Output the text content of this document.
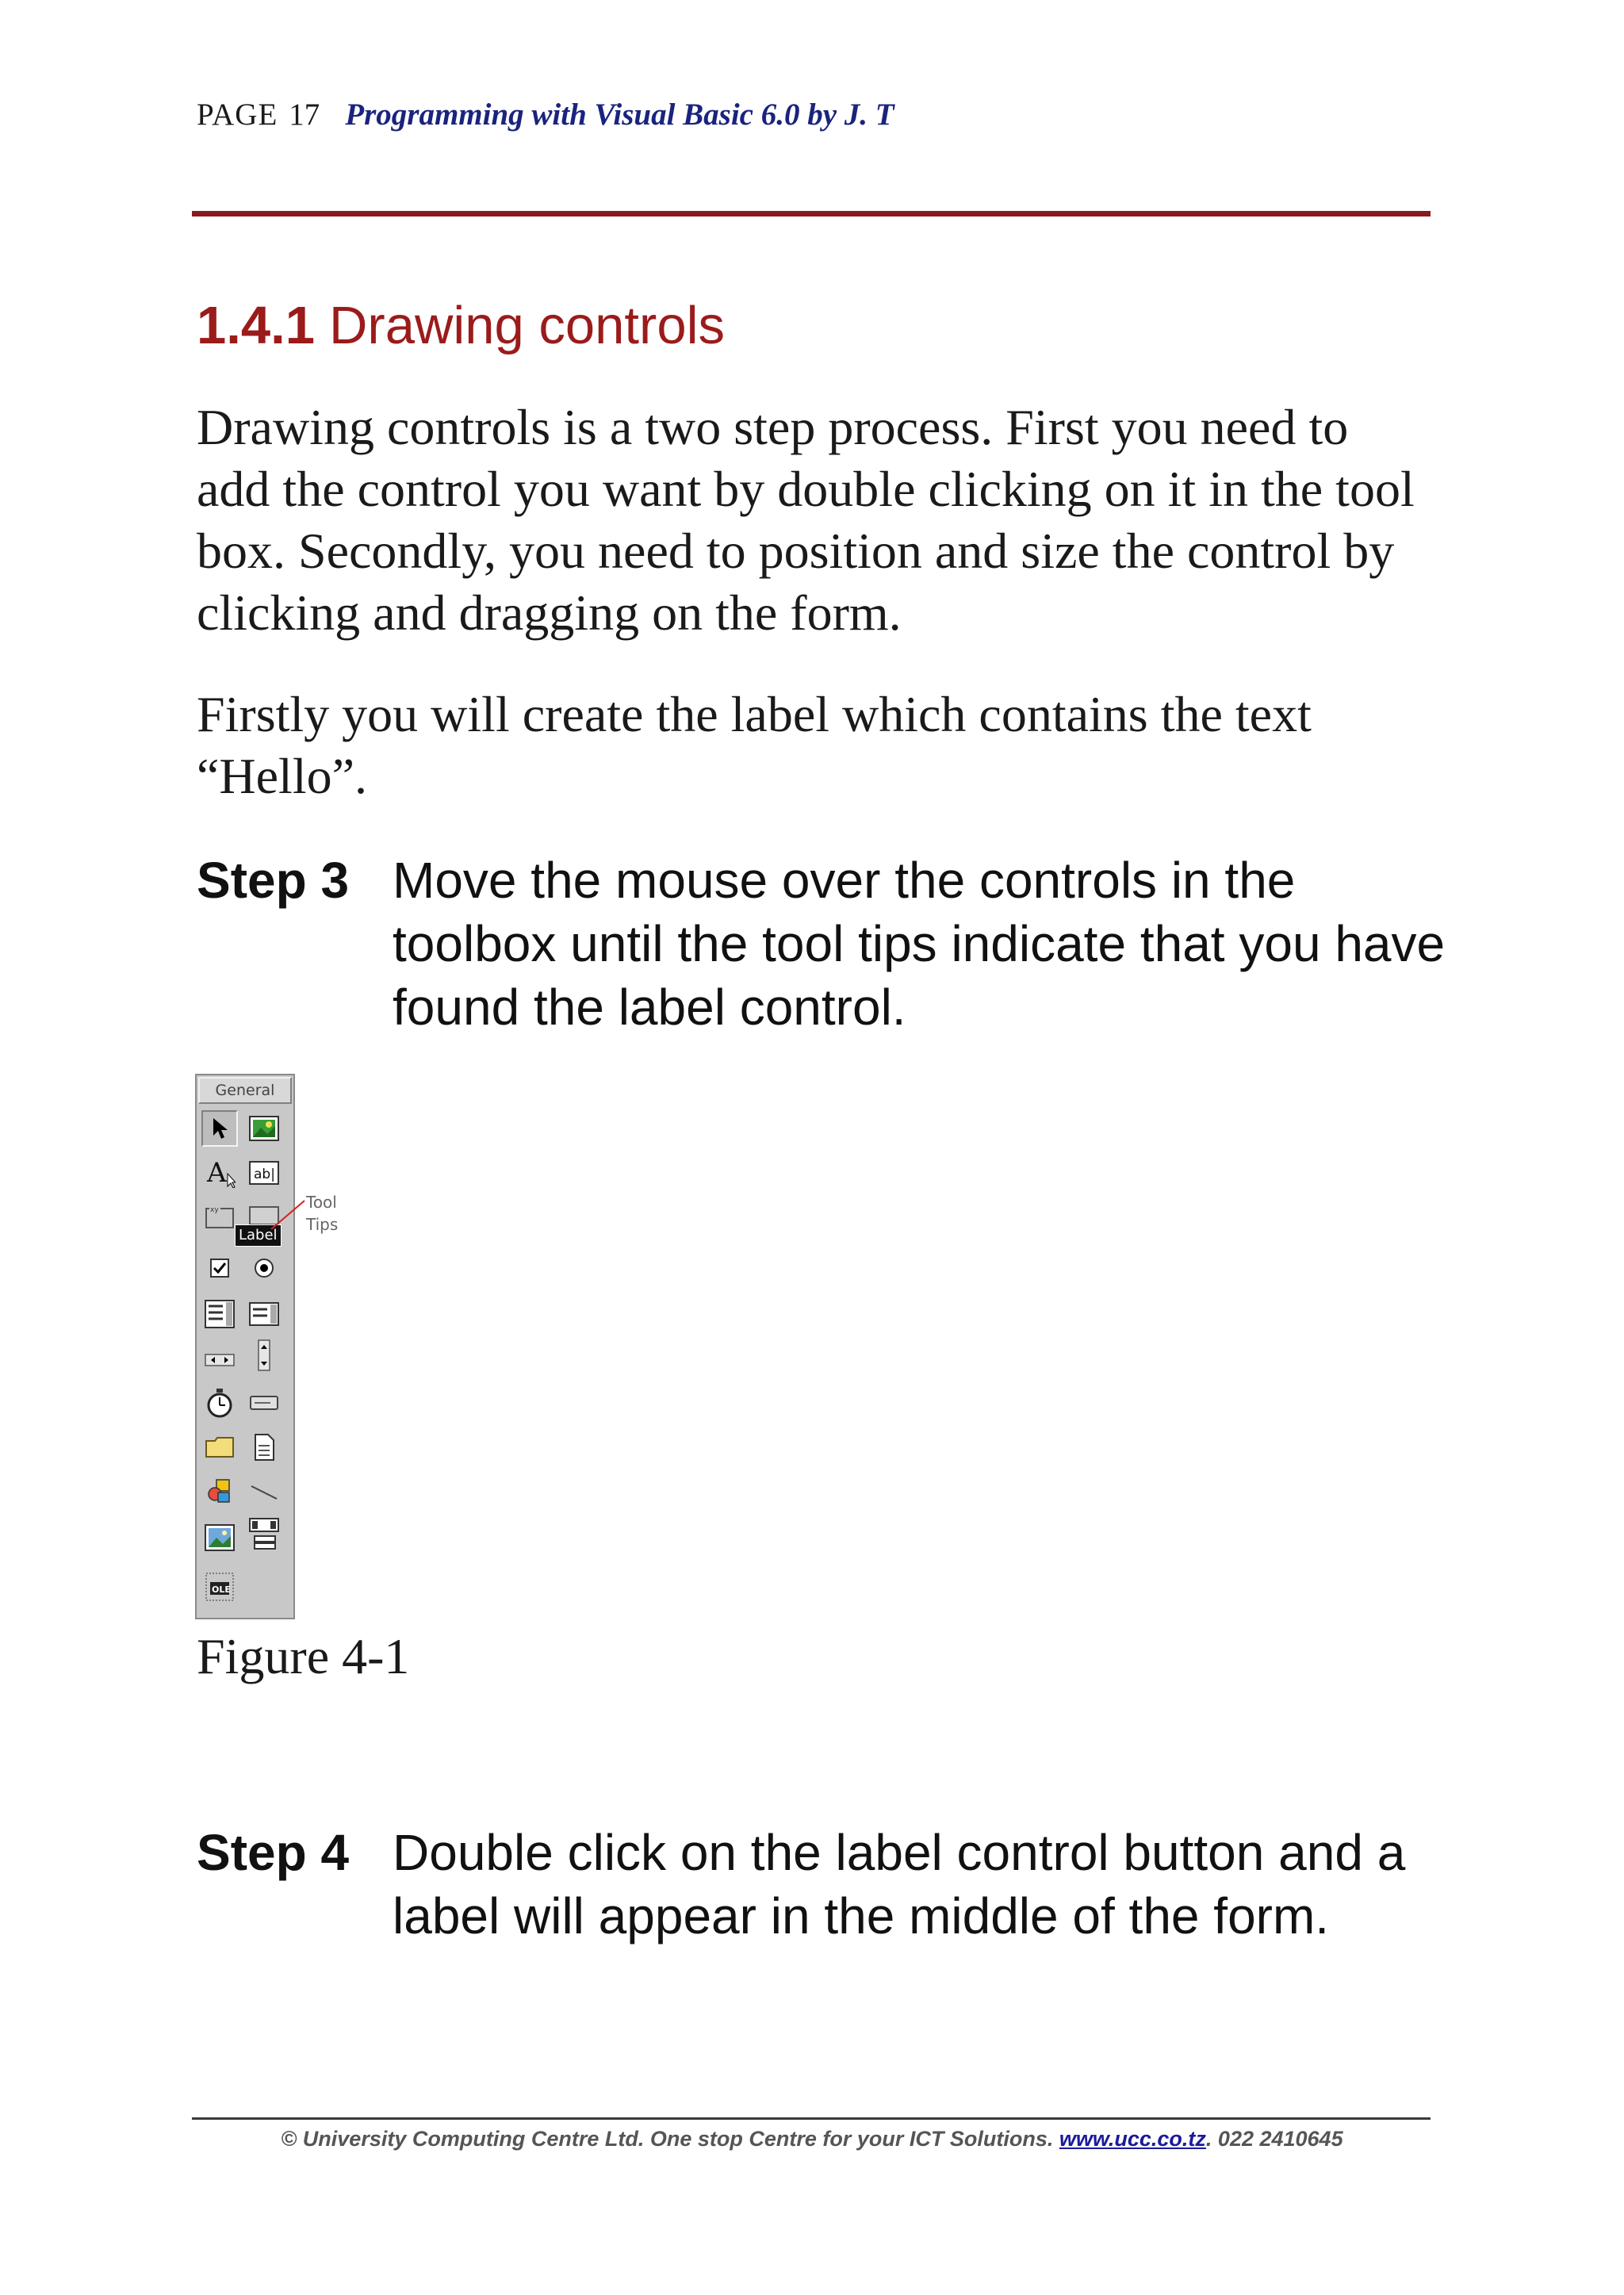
PAGE 17 Programming with Visual Basic 6.0 by J. T
1.4.1 Drawing controls

Drawing controls is a two step process. First you need to add the control you want by double clicking on it in the tool box. Secondly, you need to position and size the control by clicking and dragging on the form.

Firstly you will create the label which contains the text “Hello”.

Step 3 Move the mouse over the controls in the toolbox until the tool tips indicate that you have found the label control.
General
A ab|
xy
OLE
Label
Tool
Tips
Figure 4-1
Step 4 Double click on the label control button and a label will appear in the middle of the form.
© University Computing Centre Ltd. One stop Centre for your ICT Solutions. www.ucc.co.tz. 022 2410645
